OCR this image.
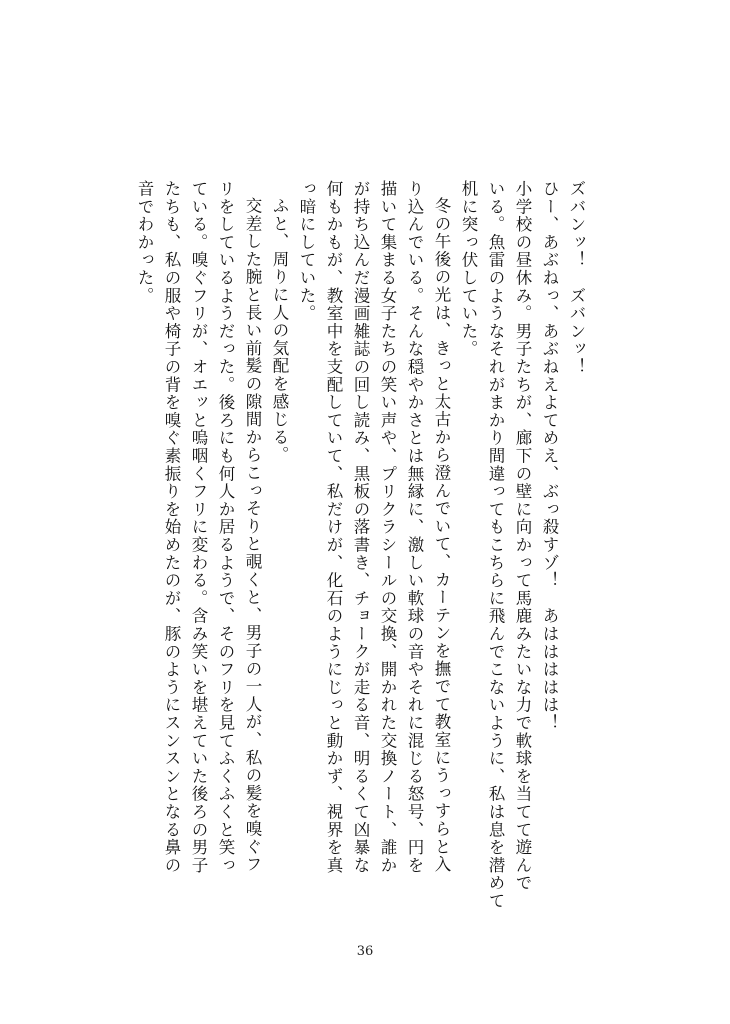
ズバンッ！　ズバンッ！
ひー、あぶねっ、あぶねえよてめえ、ぶっ殺すゾ！　あははははは！
小学校の昼休み。男子たちが、廊下の壁に向かって馬鹿みたいな力で軟球を当てて遊んで
いる。魚雷のようなそれがまかり間違ってもこちらに飛んでこないように、私は息を潜めて
机に突っ伏していた。
冬の午後の光は、きっと太古から澄んでいて、カーテンを撫でて教室にうっすらと入り込んでいる。そんな穏やかさとは無縁に、激しい軟球の音やそれに混じる怒号、円を描いて集まる女子たちの笑い声や、プリクラシールの交換、開かれた交換ノート、誰かが持ち込んだ漫画雑誌の回し読み、黒板の落書き、チョークが走る音、明るくて凶暴な何もかもが、教室中を支配していて、私だけが、化石のようにじっと動かず、視界を真っ暗にしていた。
ふと、周りに人の気配を感じる。
交差した腕と長い前髪の隙間からこっそりと覗くと、男子の一人が、私の髪を嗅ぐフリをしているようだった。後ろにも何人か居るようで、そのフリを見てふくふくと笑っている。嗅ぐフリが、オエッと嗚咽くフリに変わる。含み笑いを堪えていた後ろの男子たちも、私の服や椅子の背を嗅ぐ素振りを始めたのが、豚のようにスンスンとなる鼻の音でわかった。
36
